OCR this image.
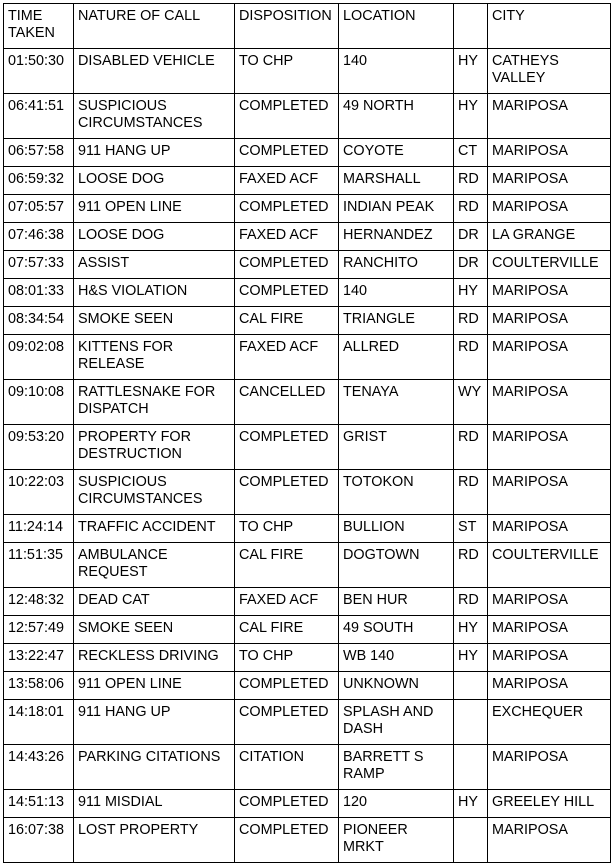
TIME TAKEN	NATURE OF CALL	DISPOSITION	LOCATION		CITY
01:50:30	DISABLED VEHICLE	TO CHP	140	HY	CATHEYS VALLEY
06:41:51	SUSPICIOUS CIRCUMSTANCES	COMPLETED	49 NORTH	HY	MARIPOSA
06:57:58	911 HANG UP	COMPLETED	COYOTE	CT	MARIPOSA
06:59:32	LOOSE DOG	FAXED ACF	MARSHALL	RD	MARIPOSA
07:05:57	911 OPEN LINE	COMPLETED	INDIAN PEAK	RD	MARIPOSA
07:46:38	LOOSE DOG	FAXED ACF	HERNANDEZ	DR	LA GRANGE
07:57:33	ASSIST	COMPLETED	RANCHITO	DR	COULTERVILLE
08:01:33	H&S VIOLATION	COMPLETED	140	HY	MARIPOSA
08:34:54	SMOKE SEEN	CAL FIRE	TRIANGLE	RD	MARIPOSA
09:02:08	KITTENS FOR RELEASE	FAXED ACF	ALLRED	RD	MARIPOSA
09:10:08	RATTLESNAKE FOR DISPATCH	CANCELLED	TENAYA	WY	MARIPOSA
09:53:20	PROPERTY FOR DESTRUCTION	COMPLETED	GRIST	RD	MARIPOSA
10:22:03	SUSPICIOUS CIRCUMSTANCES	COMPLETED	TOTOKON	RD	MARIPOSA
11:24:14	TRAFFIC ACCIDENT	TO CHP	BULLION	ST	MARIPOSA
11:51:35	AMBULANCE REQUEST	CAL FIRE	DOGTOWN	RD	COULTERVILLE
12:48:32	DEAD CAT	FAXED ACF	BEN HUR	RD	MARIPOSA
12:57:49	SMOKE SEEN	CAL FIRE	49 SOUTH	HY	MARIPOSA
13:22:47	RECKLESS DRIVING	TO CHP	WB 140	HY	MARIPOSA
13:58:06	911 OPEN LINE	COMPLETED	UNKNOWN		MARIPOSA
14:18:01	911 HANG UP	COMPLETED	SPLASH AND DASH		EXCHEQUER
14:43:26	PARKING CITATIONS	CITATION	BARRETT S RAMP		MARIPOSA
14:51:13	911 MISDIAL	COMPLETED	120	HY	GREELEY HILL
16:07:38	LOST PROPERTY	COMPLETED	PIONEER MRKT		MARIPOSA
